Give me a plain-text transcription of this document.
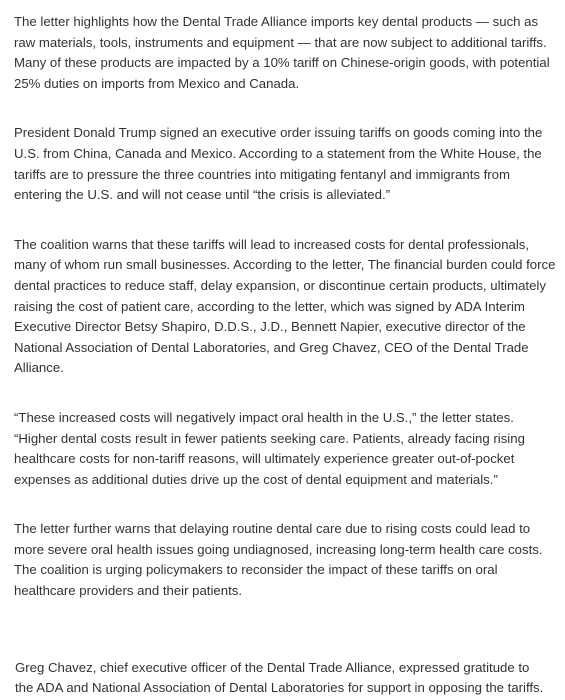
The letter highlights how the Dental Trade Alliance imports key dental products — such as raw materials, tools, instruments and equipment — that are now subject to additional tariffs. Many of these products are impacted by a 10% tariff on Chinese-origin goods, with potential 25% duties on imports from Mexico and Canada.

President Donald Trump signed an executive order issuing tariffs on goods coming into the U.S. from China, Canada and Mexico. According to a statement from the White House, the tariffs are to pressure the three countries into mitigating fentanyl and immigrants from entering the U.S. and will not cease until “the crisis is alleviated.”

The coalition warns that these tariffs will lead to increased costs for dental professionals, many of whom run small businesses. According to the letter, The financial burden could force dental practices to reduce staff, delay expansion, or discontinue certain products, ultimately raising the cost of patient care, according to the letter, which was signed by ADA Interim Executive Director Betsy Shapiro, D.D.S., J.D., Bennett Napier, executive director of the National Association of Dental Laboratories, and Greg Chavez, CEO of the Dental Trade Alliance.

“These increased costs will negatively impact oral health in the U.S.,” the letter states. “Higher dental costs result in fewer patients seeking care. Patients, already facing rising healthcare costs for non-tariff reasons, will ultimately experience greater out-of-pocket expenses as additional duties drive up the cost of dental equipment and materials.”

The letter further warns that delaying routine dental care due to rising costs could lead to more severe oral health issues going undiagnosed, increasing long-term health care costs. The coalition is urging policymakers to reconsider the impact of these tariffs on oral healthcare providers and their patients.

Greg Chavez, chief executive officer of the Dental Trade Alliance, expressed gratitude to the ADA and National Association of Dental Laboratories for support in opposing the tariffs.
